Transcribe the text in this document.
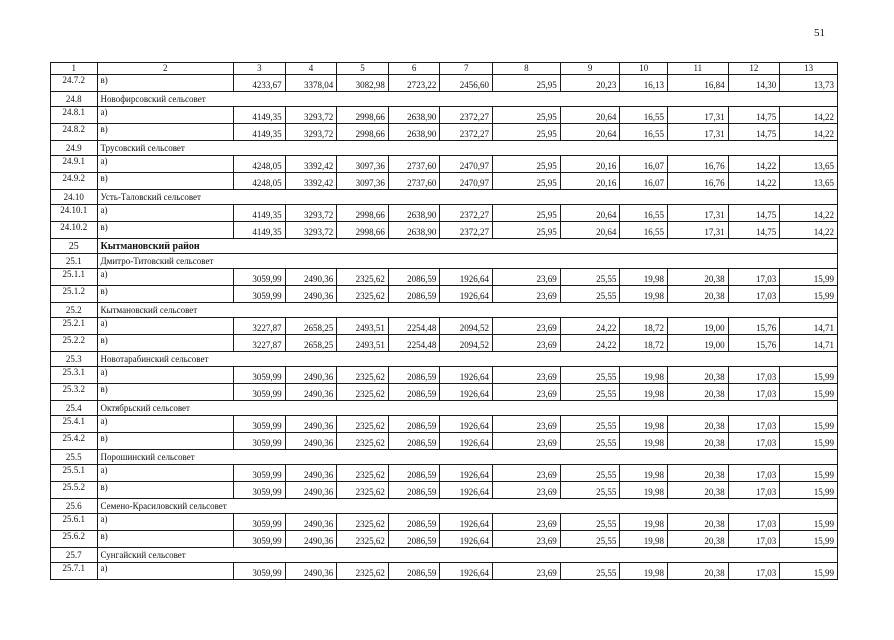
51
1	2	3	4	5	6	7	8	9	10	11	12	13
24.7.2	в)	4233,67	3378,04	3082,98	2723,22	2456,60	25,95	20,23	16,13	16,84	14,30	13,73
24.8	Новофирсовский сельсовет											
24.8.1	а)	4149,35	3293,72	2998,66	2638,90	2372,27	25,95	20,64	16,55	17,31	14,75	14,22
24.8.2	в)	4149,35	3293,72	2998,66	2638,90	2372,27	25,95	20,64	16,55	17,31	14,75	14,22
24.9	Трусовский сельсовет											
24.9.1	а)	4248,05	3392,42	3097,36	2737,60	2470,97	25,95	20,16	16,07	16,76	14,22	13,65
24.9.2	в)	4248,05	3392,42	3097,36	2737,60	2470,97	25,95	20,16	16,07	16,76	14,22	13,65
24.10	Усть-Таловский сельсовет											
24.10.1	а)	4149,35	3293,72	2998,66	2638,90	2372,27	25,95	20,64	16,55	17,31	14,75	14,22
24.10.2	в)	4149,35	3293,72	2998,66	2638,90	2372,27	25,95	20,64	16,55	17,31	14,75	14,22
25	Кытмановский район											
25.1	Дмитро-Титовский сельсовет											
25.1.1	а)	3059,99	2490,36	2325,62	2086,59	1926,64	23,69	25,55	19,98	20,38	17,03	15,99
25.1.2	в)	3059,99	2490,36	2325,62	2086,59	1926,64	23,69	25,55	19,98	20,38	17,03	15,99
25.2	Кытмановский сельсовет											
25.2.1	а)	3227,87	2658,25	2493,51	2254,48	2094,52	23,69	24,22	18,72	19,00	15,76	14,71
25.2.2	в)	3227,87	2658,25	2493,51	2254,48	2094,52	23,69	24,22	18,72	19,00	15,76	14,71
25.3	Новотарабинский сельсовет											
25.3.1	а)	3059,99	2490,36	2325,62	2086,59	1926,64	23,69	25,55	19,98	20,38	17,03	15,99
25.3.2	в)	3059,99	2490,36	2325,62	2086,59	1926,64	23,69	25,55	19,98	20,38	17,03	15,99
25.4	Октябрьский сельсовет											
25.4.1	а)	3059,99	2490,36	2325,62	2086,59	1926,64	23,69	25,55	19,98	20,38	17,03	15,99
25.4.2	в)	3059,99	2490,36	2325,62	2086,59	1926,64	23,69	25,55	19,98	20,38	17,03	15,99
25.5	Порошинский сельсовет											
25.5.1	а)	3059,99	2490,36	2325,62	2086,59	1926,64	23,69	25,55	19,98	20,38	17,03	15,99
25.5.2	в)	3059,99	2490,36	2325,62	2086,59	1926,64	23,69	25,55	19,98	20,38	17,03	15,99
25.6	Семено-Красиловский сельсовет											
25.6.1	а)	3059,99	2490,36	2325,62	2086,59	1926,64	23,69	25,55	19,98	20,38	17,03	15,99
25.6.2	в)	3059,99	2490,36	2325,62	2086,59	1926,64	23,69	25,55	19,98	20,38	17,03	15,99
25.7	Сунгайский сельсовет											
25.7.1	а)	3059,99	2490,36	2325,62	2086,59	1926,64	23,69	25,55	19,98	20,38	17,03	15,99
